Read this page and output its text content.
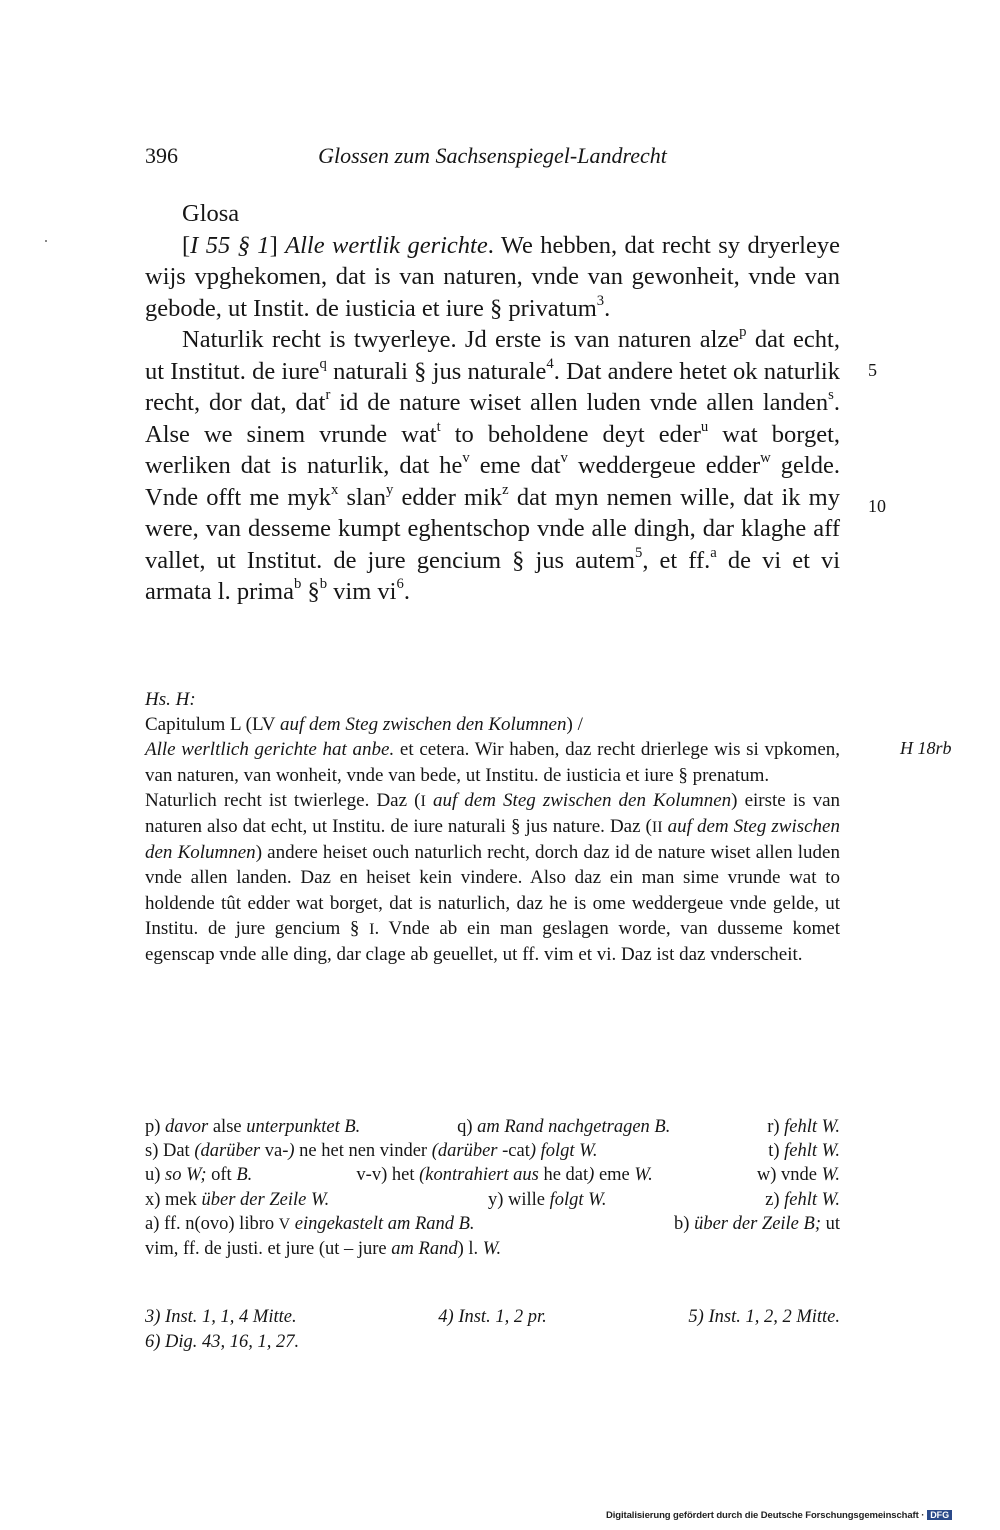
396	Glossen zum Sachsenspiegel-Landrecht

Glosa

[I 55 § 1] Alle wertlik gerichte. We hebben, dat recht sy dryerleye wijs vpghekomen, dat is van naturen, vnde van gewonheit, vnde van gebode, ut Instit. de iusticia et iure § privatum$^3$.

Naturlik recht is twyerleye. Jd erste is van naturen alze$^p$ dat echt, ut Institut. de iure$^q$ naturali § jus naturale$^4$. Dat andere hetet ok naturlik recht, dor dat, dat$^r$ id de nature wiset allen luden vnde allen landen$^s$. Alse we sinem vrunde wat$^t$ to beholdene deyt eder$^u$ wat borget, werliken dat is naturlik, dat $he^v$ eme dat$^v$ weddergeue edder$^w$ gelde. Vnde offt me myk$^x$ slan$^y$ edder mik$^z$ dat myn nemen wille, dat ik my were, van desseme kumpt eghentschop vnde alle dingh, dar klaghe aff vallet, ut Institut. de jure gencium § jus autem$^5$, et ff.$^a$ de vi et vi armata l. prima$^b$ §$^b$ vim $vi^6$.

5
10

Hs. H:

Capitulum L (LV auf dem Steg zwischen den Kolumnen) /

Alle werltlich gerichte hat anbe. et cetera. Wir haben, daz recht drierlege wis si vpkomen, van naturen, van wonheit, vnde van bede, ut Institu. de iusticia et iure § prenatum.

Naturlich recht ist twierlege. Daz (I auf dem Steg zwischen den Kolumnen) eirste is van naturen also dat echt, ut Institu. de iure naturali § jus nature. Daz (II auf dem Steg zwischen den Kolumnen) andere heiset ouch naturlich recht, dorch daz id de nature wiset allen luden vnde allen landen. Daz en heiset kein vindere. Also daz ein man sime vrunde wat to holdende tût edder wat borget, dat is naturlich, daz he is ome weddergeue vnde gelde, ut Institu. de jure gencium § I. Vnde ab ein man geslagen worde, van dusseme komet egenscap vnde alle ding, dar clage ab geuellet, ut ff. vim et vi. Daz ist daz vnderscheit.

H 18rb
p) davor alse unterpunktet B.	q) am Rand nachgetragen B.	r) fehlt W.
s) Dat (darüber va-) ne het nen vinder (darüber -cat) folgt W.	t) fehlt W.
u) so W; oft B.	v-v) het (kontrahiert aus he dat) eme W.	w) vnde W.
x) mek über der Zeile W.	y) wille folgt W.	z) fehlt W.
a) ff. n(ovo) libro V eingekastelt am Rand B.	b) über der Zeile B; ut
vim, ff. de justi. et jure (ut – jure am Rand) l. W.
3) Inst. 1, 1, 4 Mitte.	4) Inst. 1, 2 pr.	5) Inst. 1, 2, 2 Mitte.
6) Dig. 43, 16, 1, 27.
Digitalisierung gefördert durch die Deutsche Forschungsgemeinschaft · DFG
